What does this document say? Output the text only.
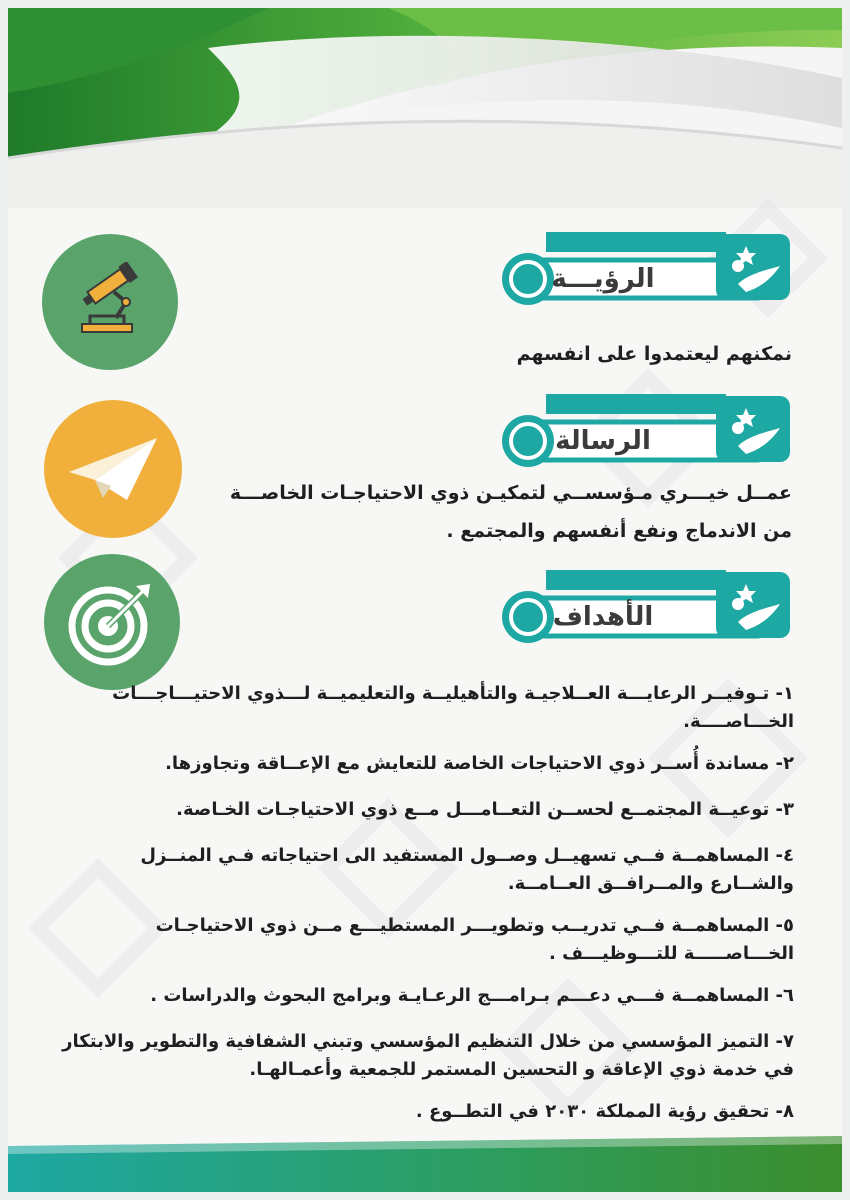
الرؤيـــة

نمكنهم ليعتمدوا على انفسهم

الرسالة

عمــل خيـــري مـؤسســي لتمكيـن ذوي الاحتياجـات الخاصـــة

من الاندماج ونفع أنفسهم والمجتمع .

الأهداف
١- تـوفيــر الرعايـــة العــلاجيـة والتأهيليــة والتعليميــة لـــذوي الاحتيـــاجـــات الخـــاصــــة.
٢- مساندة أُســر ذوي الاحتياجات الخاصة للتعايش مع الإعــاقة وتجاوزها.
٣- توعيــة المجتمــع لحســن التعــامـــل مــع ذوي الاحتياجـات الخـاصة.
٤- المساهمــة فــي تسهيــل وصــول المستفيد الى احتياجاته فـي المنــزل والشــارع والمــرافــق العــامــة.
٥- المساهمــة فــي تدريــب وتطويـــر المستطيـــع مــن ذوي الاحتياجـات الخـــاصـــــة للتـــوظيـــف .
٦- المساهمــة فـــي دعـــم بـرامـــج الرعـايـة وبرامج البحوث والدراسات .
٧- التميز المؤسسي من خلال التنظيم المؤسسي وتبني الشفافية والتطوير والابتكار في خدمة ذوي الإعاقة و التحسين المستمر للجمعية وأعمـالهـا.
٨- تحقيق رؤية المملكة ٢٠٣٠ في التطــوع .
